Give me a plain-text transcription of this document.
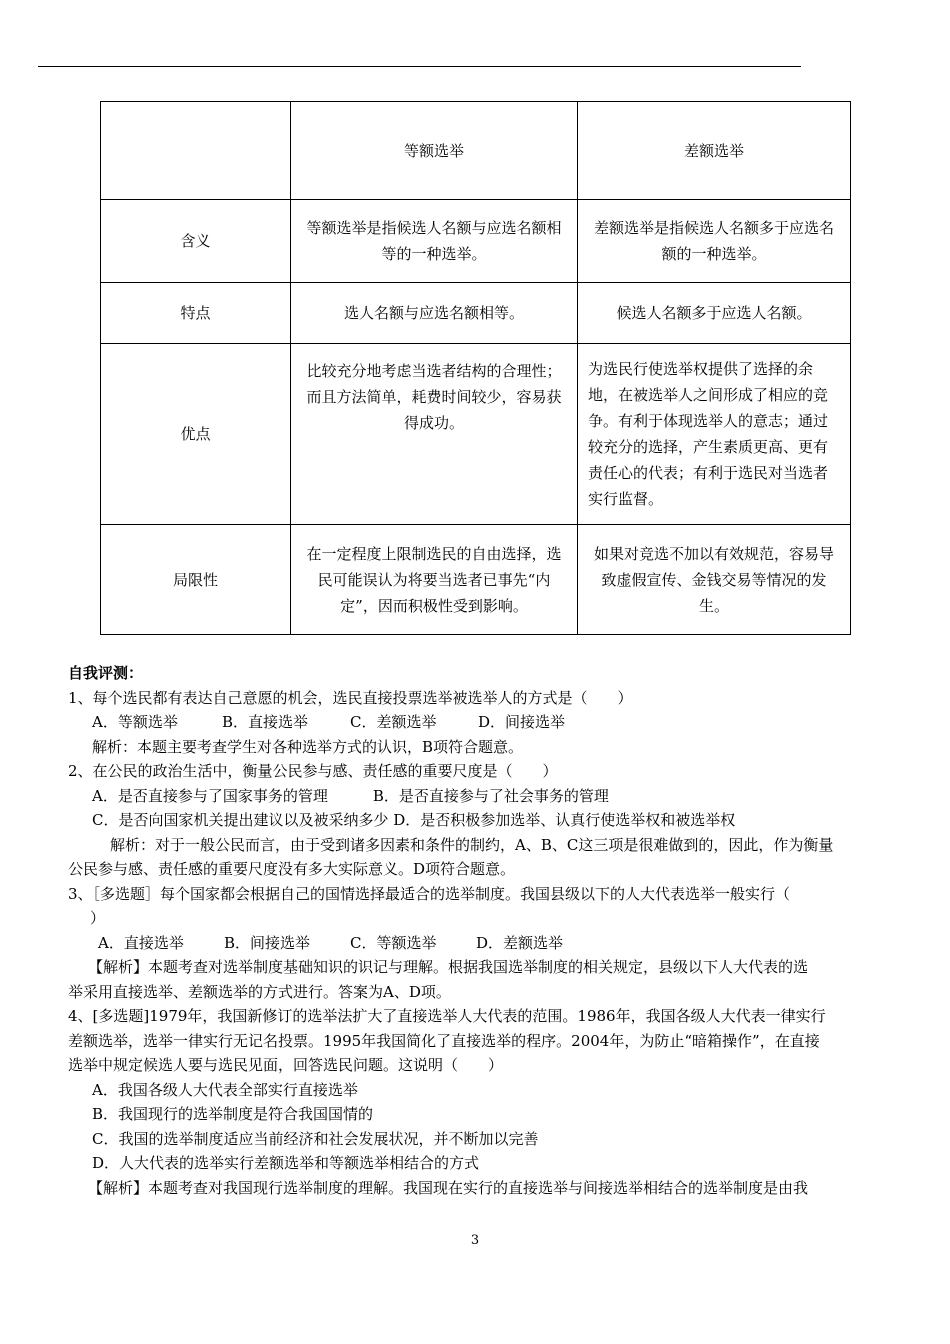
	等额选举	差额选举
含义	等额选举是指候选人名额与应选名额相等的一种选举。	差额选举是指候选人名额多于应选名额的一种选举。
特点	选人名额与应选名额相等。	候选人名额多于应选人名额。
优点	比较充分地考虑当选者结构的合理性；而且方法简单，耗费时间较少，容易获得成功。	为选民行使选举权提供了选择的余地，在被选举人之间形成了相应的竞争。有利于体现选举人的意志；通过较充分的选择，产生素质更高、更有责任心的代表；有利于选民对当选者实行监督。
局限性	在一定程度上限制选民的自由选择，选民可能误认为将要当选者已事先“内定”，因而积极性受到影响。	如果对竞选不加以有效规范，容易导致虚假宣传、金钱交易等情况的发生。
自我评测：
1、每个选民都有表达自己意愿的机会，选民直接投票选举被选举人的方式是（　　）
A．等额选举	B．直接选举	C．差额选举	D．间接选举
解析：本题主要考查学生对各种选举方式的认识，B项符合题意。
2、在公民的政治生活中，衡量公民参与感、责任感的重要尺度是（　　）
A．是否直接参与了国家事务的管理　　　B．是否直接参与了社会事务的管理
C．是否向国家机关提出建议以及被采纳多少 D．是否积极参加选举、认真行使选举权和被选举权
解析：对于一般公民而言，由于受到诸多因素和条件的制约，A、B、C这三项是很难做到的，因此，作为衡量
公民参与感、责任感的重要尺度没有多大实际意义。D项符合题意。
3、［多选题］每个国家都会根据自己的国情选择最适合的选举制度。我国县级以下的人大代表选举一般实行（
）
A．直接选举	B．间接选举	C．等额选举	D．差额选举
【解析】本题考查对选举制度基础知识的识记与理解。根据我国选举制度的相关规定，县级以下人大代表的选
举采用直接选举、差额选举的方式进行。答案为A、D项。
4、[多选题]1979年，我国新修订的选举法扩大了直接选举人大代表的范围。1986年，我国各级人大代表一律实行
差额选举，选举一律实行无记名投票。1995年我国简化了直接选举的程序。2004年，为防止“暗箱操作”，在直接
选举中规定候选人要与选民见面，回答选民问题。这说明（　　）
A．我国各级人大代表全部实行直接选举
B．我国现行的选举制度是符合我国国情的
C．我国的选举制度适应当前经济和社会发展状况，并不断加以完善
D．人大代表的选举实行差额选举和等额选举相结合的方式
【解析】本题考查对我国现行选举制度的理解。我国现在实行的直接选举与间接选举相结合的选举制度是由我
3
